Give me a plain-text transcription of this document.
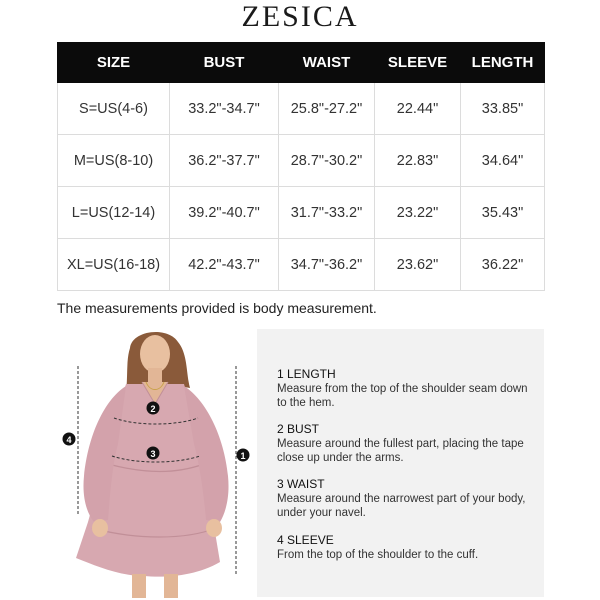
ZESICA
SIZE	BUST	WAIST	SLEEVE	LENGTH
S=US(4-6)	33.2"-34.7"	25.8"-27.2"	22.44"	33.85"
M=US(8-10)	36.2"-37.7"	28.7"-30.2"	22.83"	34.64"
L=US(12-14)	39.2"-40.7"	31.7"-33.2"	23.22"	35.43"
XL=US(16-18)	42.2"-43.7"	34.7"-36.2"	23.62"	36.22"
The measurements provided is body measurement.
2
3	1
4
1 LENGTH
Measure from the top of the shoulder seam down to the hem.
2 BUST
Measure around the fullest part, placing the tape close up under the arms.
3 WAIST
Measure around the narrowest part of your body, under your navel.
4 SLEEVE
From the top of the shoulder to the cuff.
